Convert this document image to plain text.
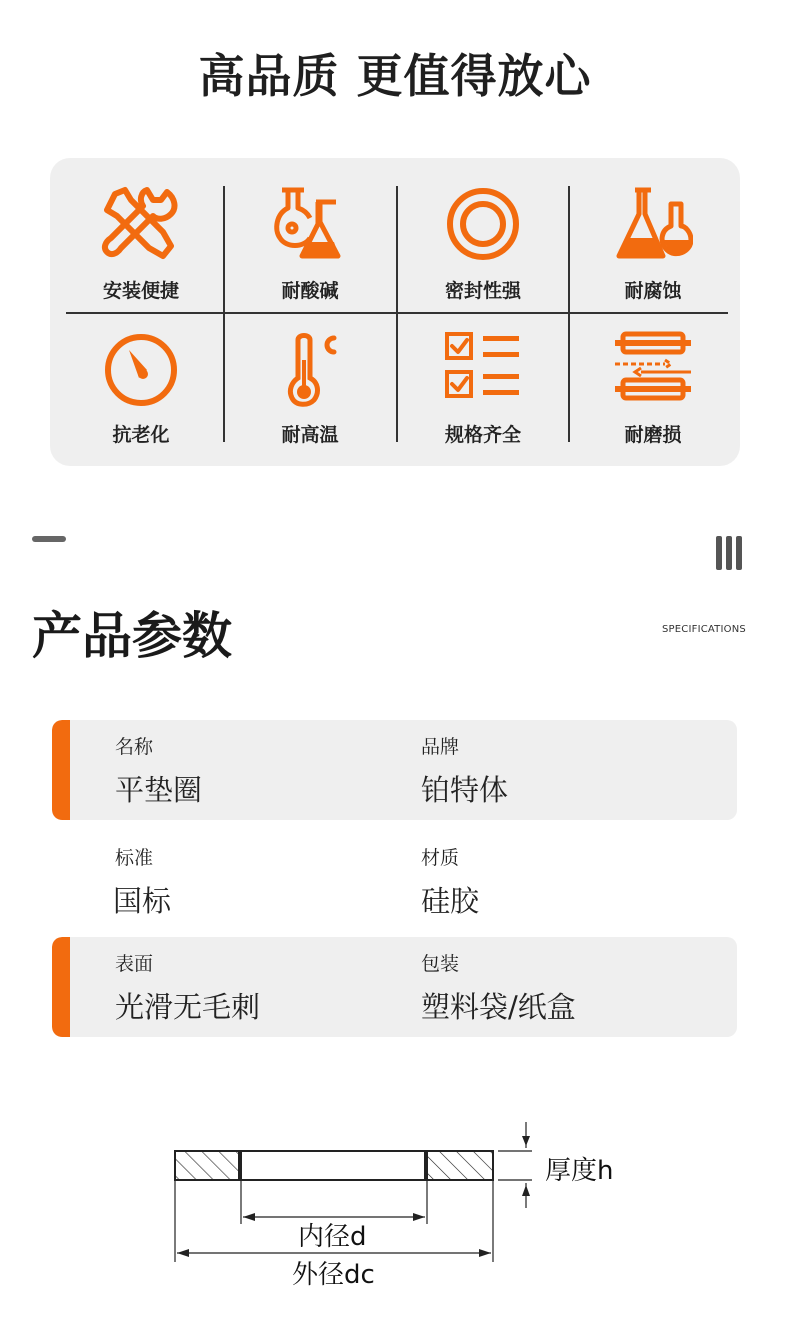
高品质 更值得放心
安装便捷	耐酸碱	密封性强	耐腐蚀
抗老化	耐高温	规格齐全	耐磨损
产品参数	SPECIFICATIONS
名称
平垫圈
品牌
铂特体
标准
国标
材质
硅胶
表面
光滑无毛刺
包装
塑料袋/纸盒
厚度h
内径d
外径dc
